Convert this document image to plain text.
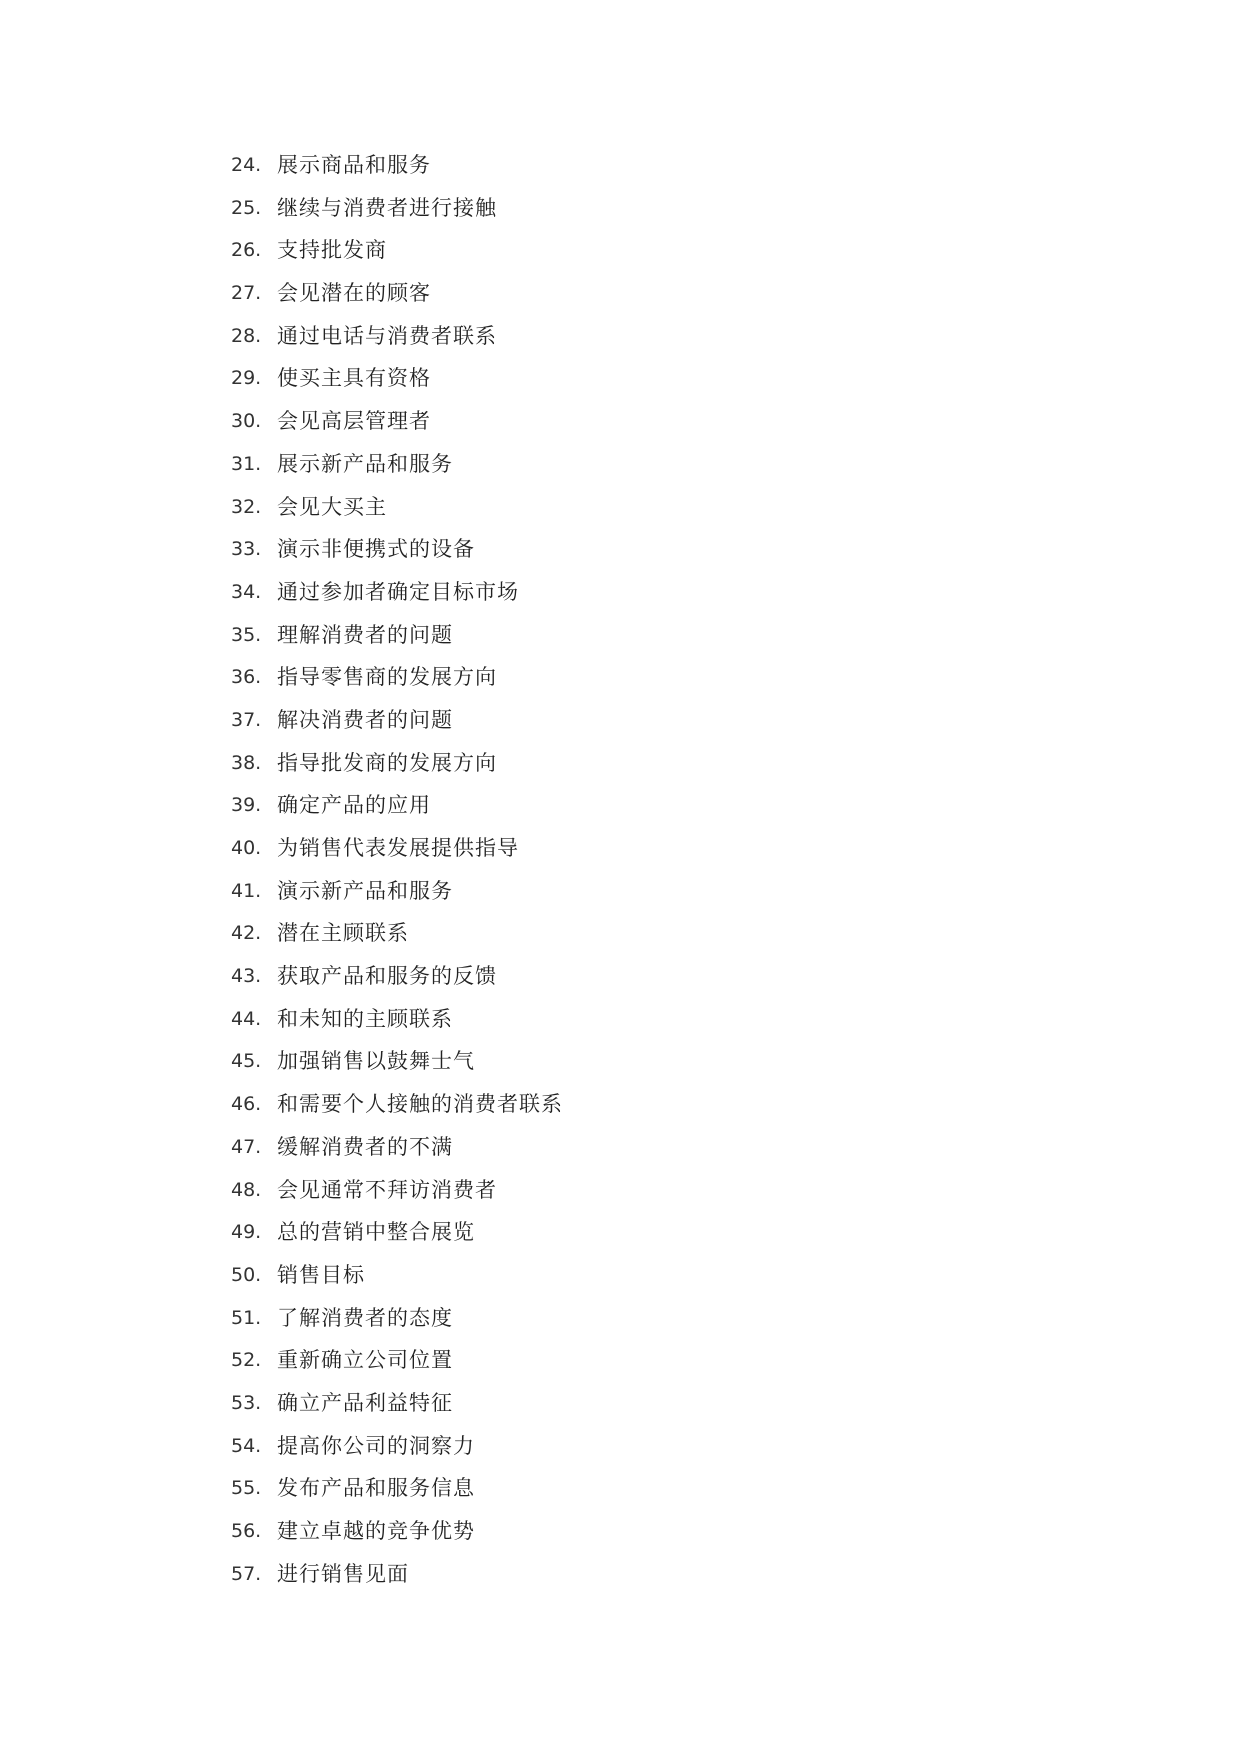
24. 展示商品和服务
25. 继续与消费者进行接触
26. 支持批发商
27. 会见潜在的顾客
28. 通过电话与消费者联系
29. 使买主具有资格
30. 会见高层管理者
31. 展示新产品和服务
32. 会见大买主
33. 演示非便携式的设备
34. 通过参加者确定目标市场
35. 理解消费者的问题
36. 指导零售商的发展方向
37. 解决消费者的问题
38. 指导批发商的发展方向
39. 确定产品的应用
40. 为销售代表发展提供指导
41. 演示新产品和服务
42. 潜在主顾联系
43. 获取产品和服务的反馈
44. 和未知的主顾联系
45. 加强销售以鼓舞士气
46. 和需要个人接触的消费者联系
47. 缓解消费者的不满
48. 会见通常不拜访消费者
49. 总的营销中整合展览
50. 销售目标
51. 了解消费者的态度
52. 重新确立公司位置
53. 确立产品利益特征
54. 提高你公司的洞察力
55. 发布产品和服务信息
56. 建立卓越的竞争优势
57. 进行销售见面
